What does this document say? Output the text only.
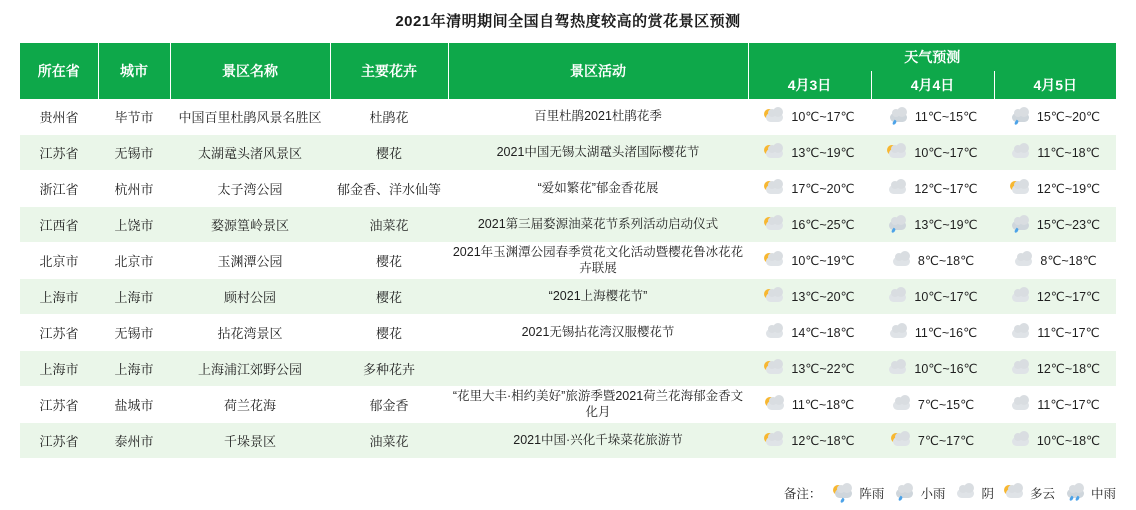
2021年清明期间全国自驾热度较高的赏花景区预测
所在省	城市	景区名称	主要花卉	景区活动	天气预测		
					4月3日	4月4日	4月5日
贵州省	毕节市	中国百里杜鹃风景名胜区	杜鹃花	百里杜鹃2021杜鹃花季	10℃~17℃	11℃~15℃	15℃~20℃

江苏省	无锡市	太湖鼋头渚风景区	樱花	2021中国无锡太湖鼋头渚国际樱花节	13℃~19℃	10℃~17℃	11℃~18℃

浙江省	杭州市	太子湾公园	郁金香、洋水仙等	“爱如繁花”郁金香花展	17℃~20℃	12℃~17℃	12℃~19℃

江西省	上饶市	婺源篁岭景区	油菜花	2021第三届婺源油菜花节系列活动启动仪式	16℃~25℃	13℃~19℃	15℃~23℃

北京市	北京市	玉渊潭公园	樱花	2021年玉渊潭公园春季赏花文化活动暨樱花鲁冰花花卉联展	10℃~19℃	8℃~18℃	8℃~18℃

上海市	上海市	顾村公园	樱花	“2021上海樱花节”	13℃~20℃	10℃~17℃	12℃~17℃

江苏省	无锡市	拈花湾景区	樱花	2021无锡拈花湾汉服樱花节	14℃~18℃	11℃~16℃	11℃~17℃

上海市	上海市	上海浦江郊野公园	多种花卉		13℃~22℃	10℃~16℃	12℃~18℃

江苏省	盐城市	荷兰花海	郁金香	“花里大丰·相约美好”旅游季暨2021荷兰花海郁金香文化月	11℃~18℃	7℃~15℃	11℃~17℃

江苏省	泰州市	千垛景区	油菜花	2021中国·兴化千垛菜花旅游节	12℃~18℃	7℃~17℃	10℃~18℃
备注：	阵雨	小雨	阴	多云	中雨
